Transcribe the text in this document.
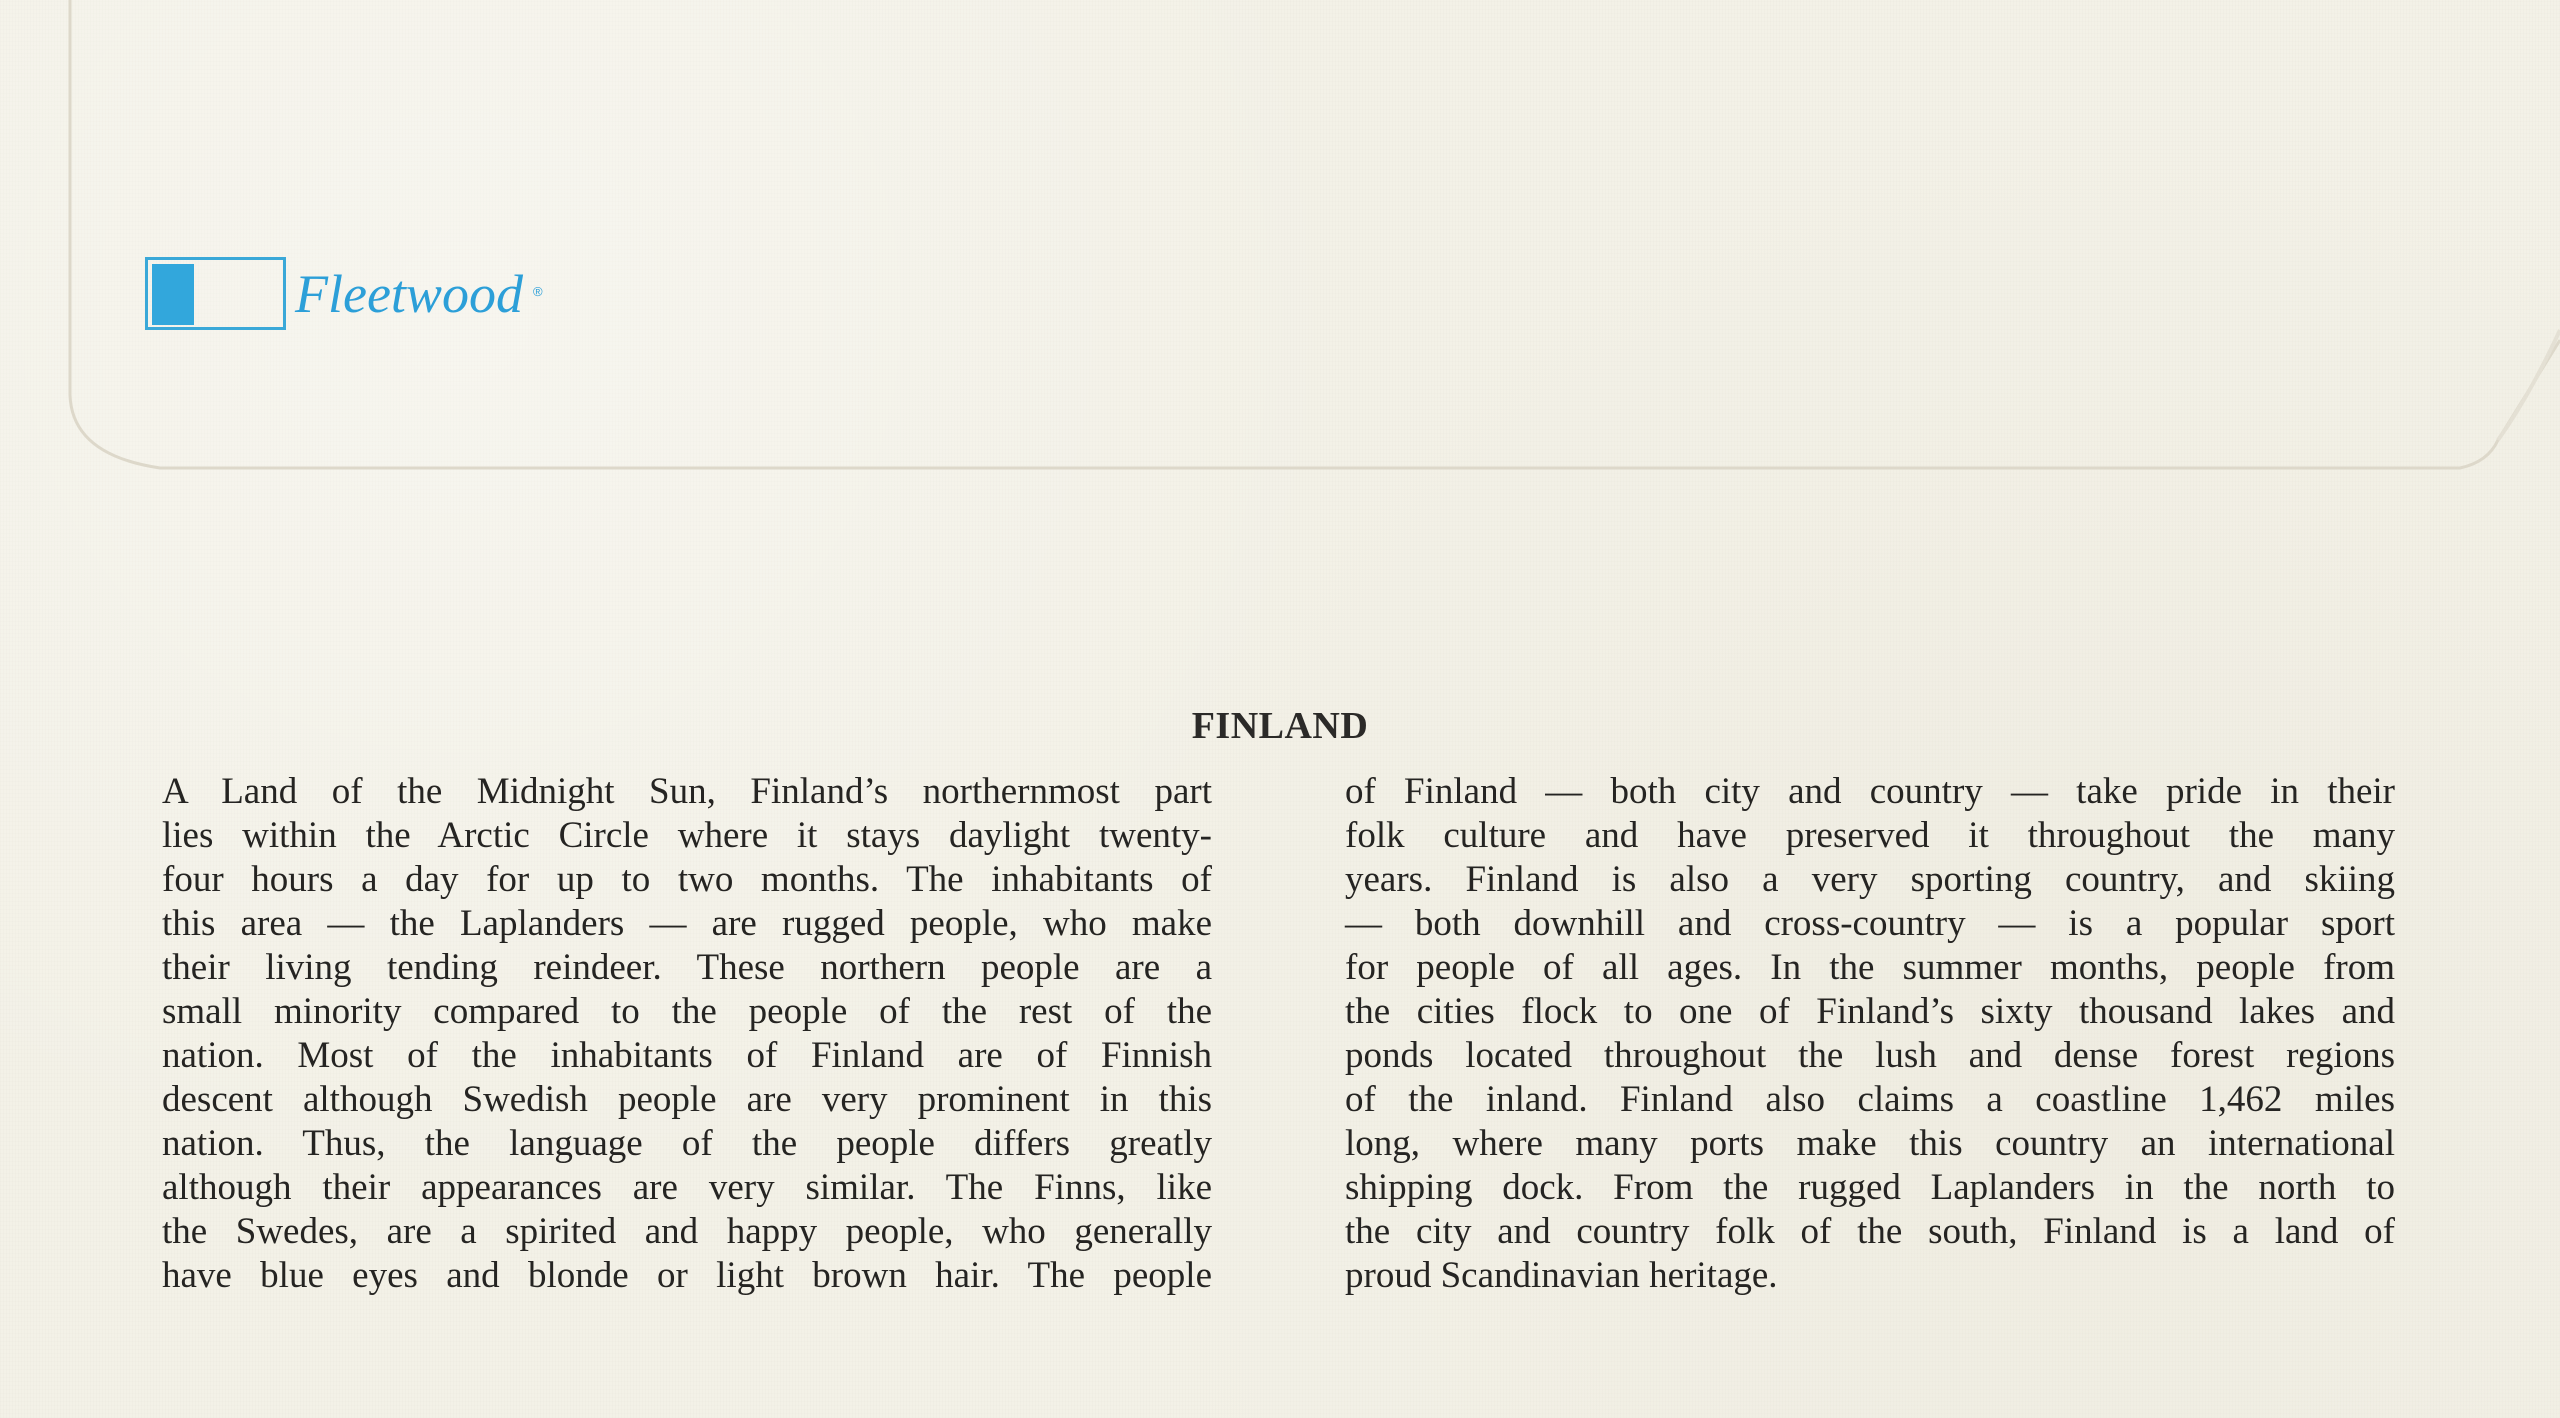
Fleetwood ®
FINLAND
A Land of the Midnight Sun, Finland’s northernmost part
lies within the Arctic Circle where it stays daylight twenty-
four hours a day for up to two months. The inhabitants of
this area — the Laplanders — are rugged people, who make
their living tending reindeer. These northern people are a
small minority compared to the people of the rest of the
nation. Most of the inhabitants of Finland are of Finnish
descent although Swedish people are very prominent in this
nation. Thus, the language of the people differs greatly
although their appearances are very similar. The Finns, like
the Swedes, are a spirited and happy people, who generally
have blue eyes and blonde or light brown hair. The people
of Finland — both city and country — take pride in their
folk culture and have preserved it throughout the many
years. Finland is also a very sporting country, and skiing
— both downhill and cross-country — is a popular sport
for people of all ages. In the summer months, people from
the cities flock to one of Finland’s sixty thousand lakes and
ponds located throughout the lush and dense forest regions
of the inland. Finland also claims a coastline 1,462 miles
long, where many ports make this country an international
shipping dock. From the rugged Laplanders in the north to
the city and country folk of the south, Finland is a land of
proud Scandinavian heritage.
